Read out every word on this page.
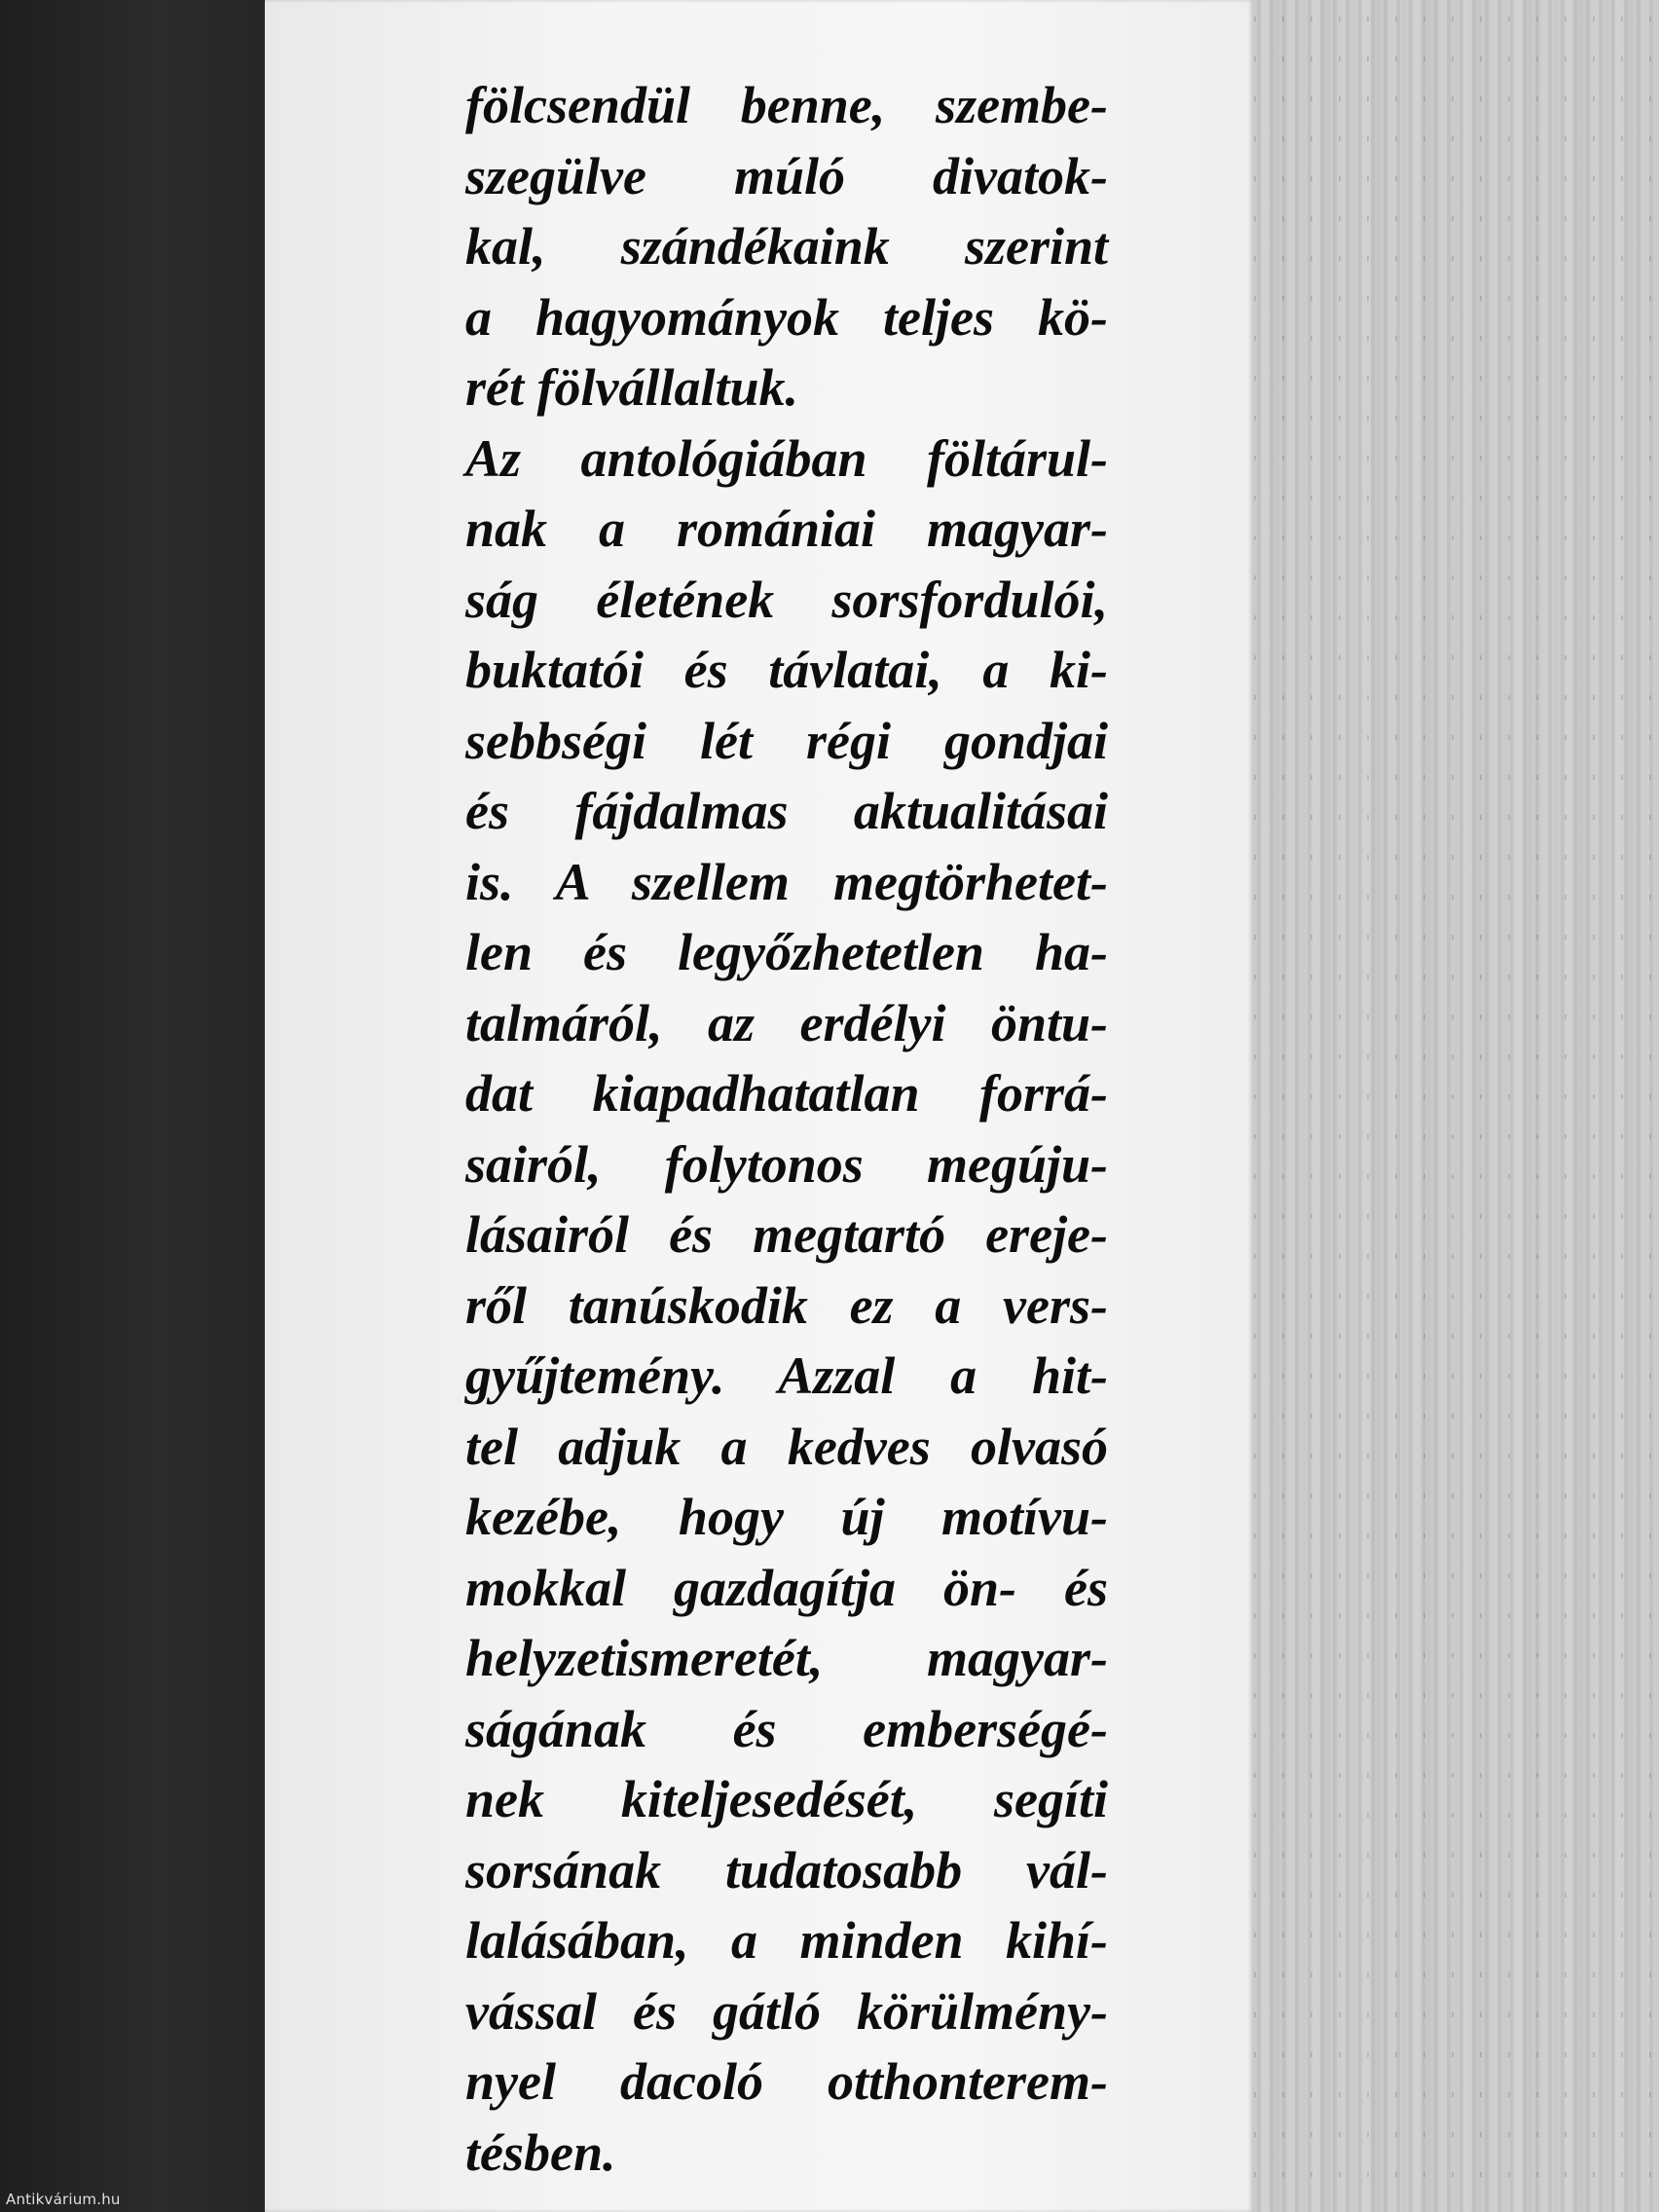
fölcsendül benne, szembe-
szegülve múló divatok-
kal, szándékaink szerint
a hagyományok teljes kö-
rét fölvállaltuk.
Az antológiában föltárul-
nak a romániai magyar-
ság életének sorsfordulói,
buktatói és távlatai, a ki-
sebbségi lét régi gondjai
és fájdalmas aktualitásai
is. A szellem megtörhetet-
len és legyőzhetetlen ha-
talmáról, az erdélyi öntu-
dat kiapadhatatlan forrá-
sairól, folytonos megúju-
lásairól és megtartó ereje-
ről tanúskodik ez a vers-
gyűjtemény. Azzal a hit-
tel adjuk a kedves olvasó
kezébe, hogy új motívu-
mokkal gazdagítja ön- és
helyzetismeretét, magyar-
ságának és emberségé-
nek kiteljesedését, segíti
sorsának tudatosabb vál-
lalásában, a minden kihí-
vással és gátló körülmény-
nyel dacoló otthonterem-
tésben.
Antikvárium.hu
